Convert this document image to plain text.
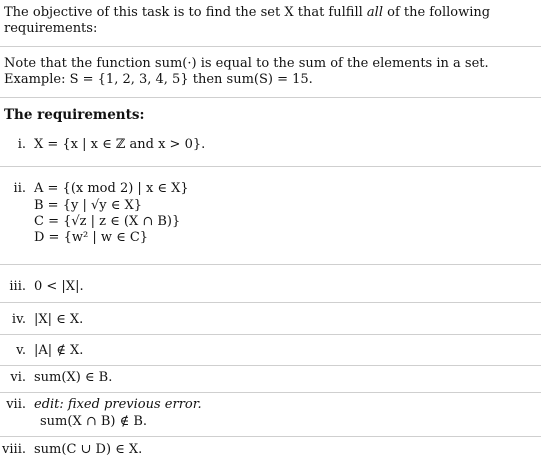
The objective of this task is to find the set X that fulfill all of the following
requirements:

Note that the function sum(·) is equal to the sum of the elements in a set.
Example: S = {1, 2, 3, 4, 5} then sum(S) = 15.

The requirements:
i. X = {x | x ∈ ℤ and x > 0}.
ii. A = {(x mod 2) | x ∈ X}
B = {y | √y ∈ X}
C = {√z | z ∈ (X ∩ B)}
D = {w² | w ∈ C}
iii. 0 < |X|.
iv. |X| ∈ X.
v. |A| ∉ X.
vi. sum(X) ∈ B.
vii. edit: fixed previous error.
sum(X ∩ B) ∉ B.
viii. sum(C ∪ D) ∈ X.
